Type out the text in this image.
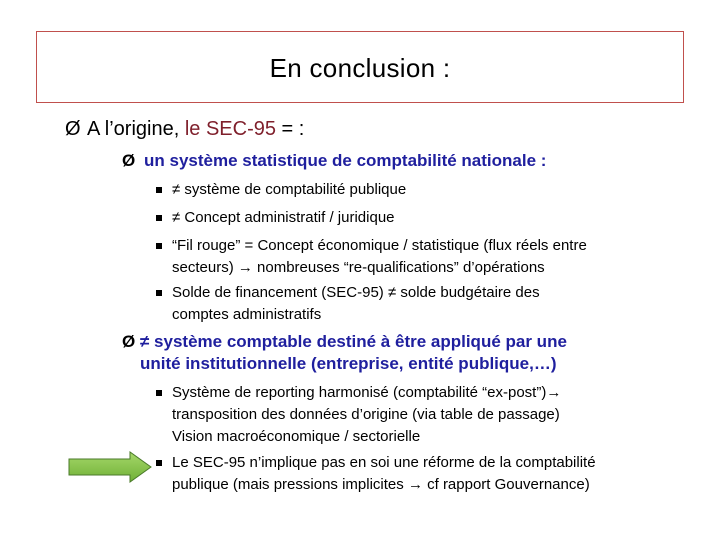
En conclusion :
Ø A l’origine, le SEC-95 = :
Ø un système statistique de comptabilité nationale :
≠ système de comptabilité publique
≠ Concept administratif / juridique
“Fil rouge” = Concept économique / statistique (flux réels entre
secteurs) → nombreuses “re-qualifications” d’opérations
Solde de financement (SEC-95) ≠ solde budgétaire des
comptes administratifs
Ø ≠ système comptable destiné à être appliqué par une
unité institutionnelle (entreprise, entité publique,…)
Système de reporting harmonisé (comptabilité “ex-post”)→
transposition des données d’origine (via table de passage)
Vision macroéconomique / sectorielle
Le SEC-95 n’implique pas en soi une réforme de la comptabilité
publique (mais pressions implicites → cf rapport Gouvernance)
